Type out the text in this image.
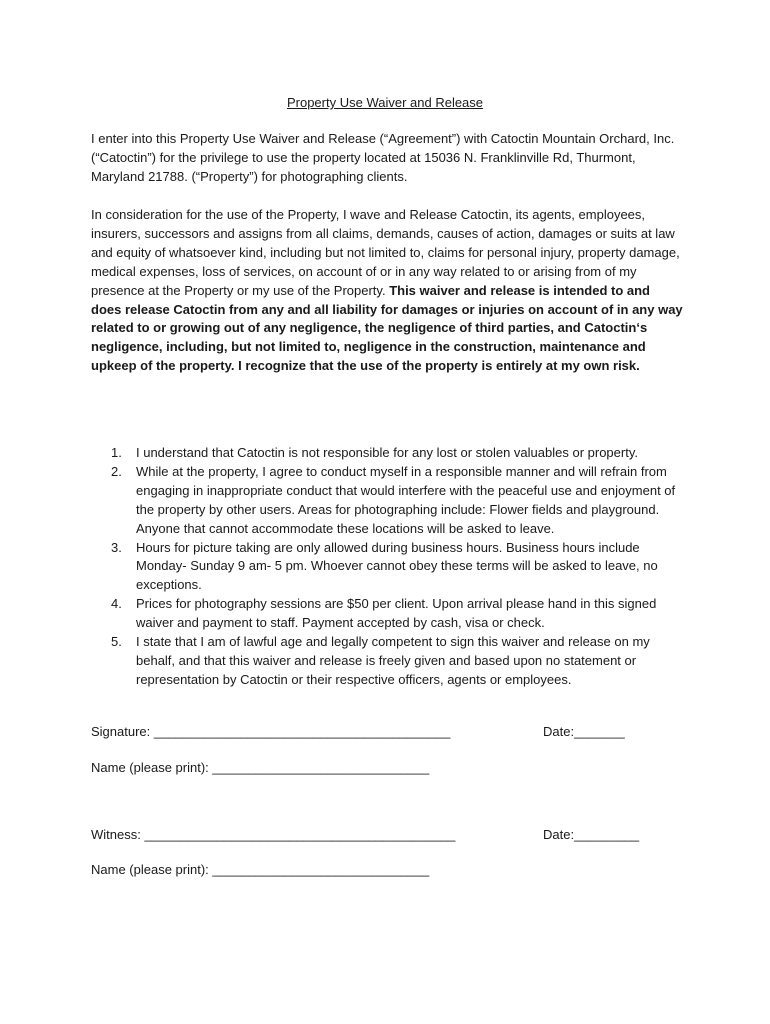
Property Use Waiver and Release
I enter into this Property Use Waiver and Release (“Agreement”) with Catoctin Mountain Orchard, Inc. (“Catoctin”) for the privilege to use the property located at 15036 N. Franklinville Rd, Thurmont, Maryland 21788. (“Property”) for photographing clients.
In consideration for the use of the Property, I wave and Release Catoctin, its agents, employees, insurers, successors and assigns from all claims, demands, causes of action, damages or suits at law and equity of whatsoever kind, including but not limited to, claims for personal injury, property damage, medical expenses, loss of services, on account of or in any way related to or arising from of my presence at the Property or my use of the Property. This waiver and release is intended to and does release Catoctin from any and all liability for damages or injuries on account of in any way related to or growing out of any negligence, the negligence of third parties, and Catoctin‘s negligence, including, but not limited to, negligence in the construction, maintenance and upkeep of the property. I recognize that the use of the property is entirely at my own risk.
1. I understand that Catoctin is not responsible for any lost or stolen valuables or property.
2. While at the property, I agree to conduct myself in a responsible manner and will refrain from engaging in inappropriate conduct that would interfere with the peaceful use and enjoyment of the property by other users. Areas for photographing include: Flower fields and playground. Anyone that cannot accommodate these locations will be asked to leave.
3. Hours for picture taking are only allowed during business hours. Business hours include Monday- Sunday 9 am- 5 pm. Whoever cannot obey these terms will be asked to leave, no exceptions.
4. Prices for photography sessions are $50 per client. Upon arrival please hand in this signed waiver and payment to staff. Payment accepted by cash, visa or check.
5. I state that I am of lawful age and legally competent to sign this waiver and release on my behalf, and that this waiver and release is freely given and based upon no statement or representation by Catoctin or their respective officers, agents or employees.
Signature: _________________________________________	Date:_______
Name (please print): ______________________________
Witness: ___________________________________________	Date:_________
Name (please print): ______________________________
